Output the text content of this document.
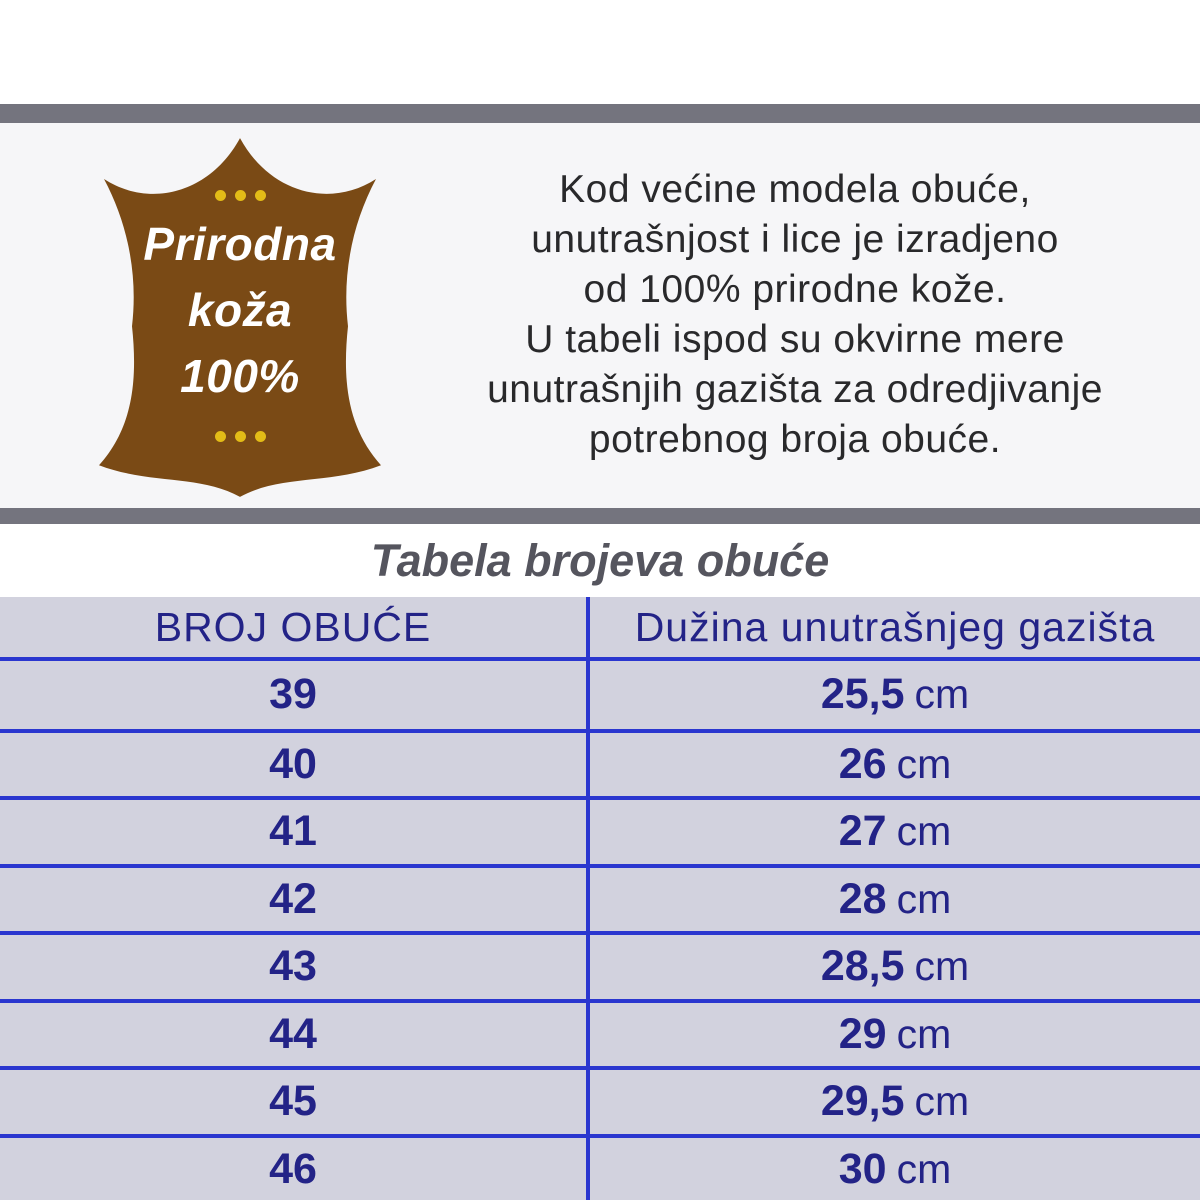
Prirodna
koža
100%
Kod većine modela obuće,
unutrašnjost i lice je izradjeno
od 100% prirodne kože.
U tabeli ispod su okvirne mere
unutrašnjih gazišta za odredjivanje
potrebnog broja obuće.
Tabela brojeva obuće
BROJ OBUĆE	Dužina unutrašnjeg gazišta
39	25,5 cm
40	26 cm
41	27 cm
42	28 cm
43	28,5 cm
44	29 cm
45	29,5 cm
46	30 cm
